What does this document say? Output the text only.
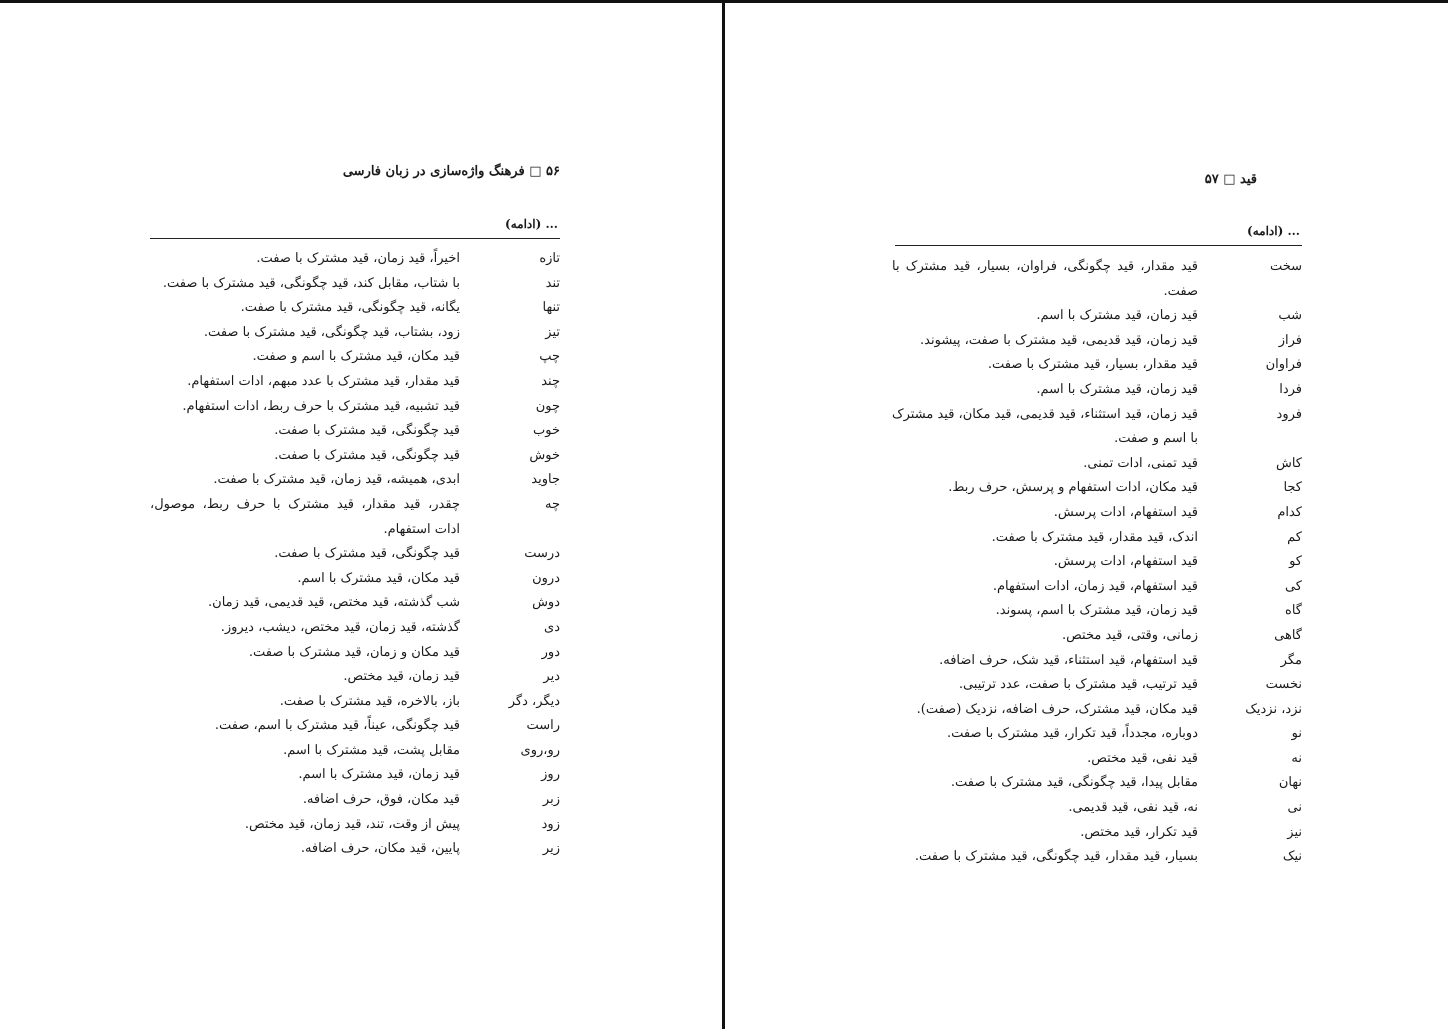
۵۶ □ فرهنگ واژه‌سازی در زبان فارسی
... (ادامه)
تازه
اخیراً، قید زمان، قید مشترک با صفت.
تند
با شتاب، مقابل کند، قید چگونگی، قید مشترک با صفت.
تنها
یگانه، قید چگونگی، قید مشترک با صفت.
تیز
زود، بشتاب، قید چگونگی، قید مشترک با صفت.
چپ
قید مکان، قید مشترک با اسم و صفت.
چند
قید مقدار، قید مشترک با عدد مبهم، ادات استفهام.
چون
قید تشبیه، قید مشترک با حرف ربط، ادات استفهام.
خوب
قید چگونگی، قید مشترک با صفت.
خوش
قید چگونگی، قید مشترک با صفت.
جاوید
ابدی، همیشه، قید زمان، قید مشترک با صفت.
چه
چقدر، قید مقدار، قید مشترک با حرف ربط، موصول، ادات استفهام.
درست
قید چگونگی، قید مشترک با صفت.
درون
قید مکان، قید مشترک با اسم.
دوش
شب گذشته، قید مختص، قید قدیمی، قید زمان.
دی
گذشته، قید زمان، قید مختص، دیشب، دیروز.
دور
قید مکان و زمان، قید مشترک با صفت.
دیر
قید زمان، قید مختص.
دیگر، دگر
باز، بالاخره، قید مشترک با صفت.
راست
قید چگونگی، عیناً، قید مشترک با اسم، صفت.
رو،روی
مقابل پشت، قید مشترک با اسم.
روز
قید زمان، قید مشترک با اسم.
زبر
قید مکان، فوق، حرف اضافه.
زود
پیش از وقت، تند، قید زمان، قید مختص.
زیر
پایین، قید مکان، حرف اضافه.
قید □ ۵۷
... (ادامه)
سخت
قید مقدار، قید چگونگی، فراوان، بسیار، قید مشترک با صفت.
شب
قید زمان، قید مشترک با اسم.
فراز
قید زمان، قید قدیمی، قید مشترک با صفت، پیشوند.
فراوان
قید مقدار، بسیار، قید مشترک با صفت.
فردا
قید زمان، قید مشترک با اسم.
فرود
قید زمان، قید استثناء، قید قدیمی، قید مکان، قید مشترک با اسم و صفت.
کاش
قید تمنی، ادات تمنی.
کجا
قید مکان، ادات استفهام و پرسش، حرف ربط.
کدام
قید استفهام، ادات پرسش.
کم
اندک، قید مقدار، قید مشترک با صفت.
کو
قید استفهام، ادات پرسش.
کی
قید استفهام، قید زمان، ادات استفهام.
گاه
قید زمان، قید مشترک با اسم، پسوند.
گاهی
زمانی، وقتی، قید مختص.
مگر
قید استفهام، قید استثناء، قید شک، حرف اضافه.
نخست
قید ترتیب، قید مشترک با صفت، عدد ترتیبی.
نزد، نزدیک
قید مکان، قید مشترک، حرف اضافه، نزدیک (صفت).
نو
دوباره، مجدداً، قید تکرار، قید مشترک با صفت.
نه
قید نفی، قید مختص.
نهان
مقابل پیدا، قید چگونگی، قید مشترک با صفت.
نی
نه، قید نفی، قید قدیمی.
نیز
قید تکرار، قید مختص.
نیک
بسیار، قید مقدار، قید چگونگی، قید مشترک با صفت.
